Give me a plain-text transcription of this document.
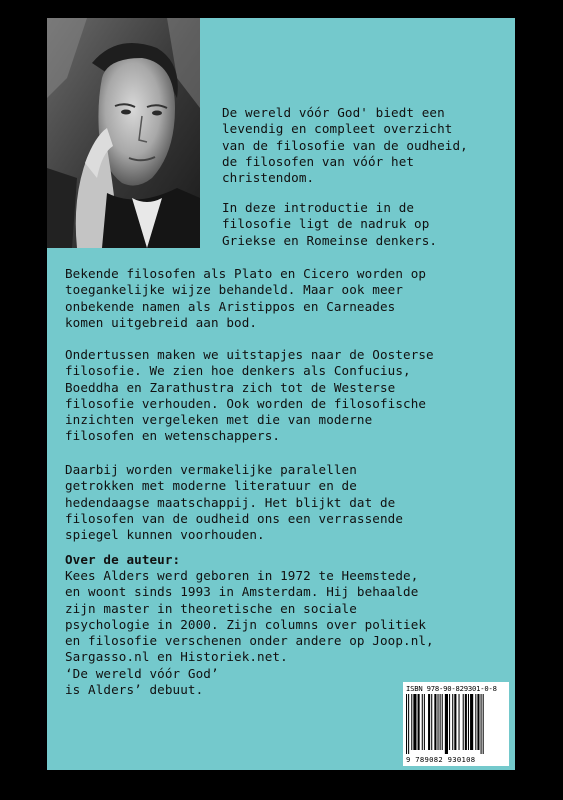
De wereld vóór God' biedt een
levendig en compleet overzicht
van de filosofie van de oudheid,
de filosofen van vóór het
christendom.
In deze introductie in de
filosofie ligt de nadruk op
Griekse en Romeinse denkers.
Bekende filosofen als Plato en Cicero worden op
toegankelijke wijze behandeld. Maar ook meer
onbekende namen als Aristippos en Carneades
komen uitgebreid aan bod.
Ondertussen maken we uitstapjes naar de Oosterse
filosofie. We zien hoe denkers als Confucius,
Boeddha en Zarathustra zich tot de Westerse
filosofie verhouden. Ook worden de filosofische
inzichten vergeleken met die van moderne
filosofen en wetenschappers.
Daarbij worden vermakelijke paralellen
getrokken met moderne literatuur en de
hedendaagse maatschappij. Het blijkt dat de
filosofen van de oudheid ons een verrassende
spiegel kunnen voorhouden.
Over de auteur:
Kees Alders werd geboren in 1972 te Heemstede,
en woont sinds 1993 in Amsterdam. Hij behaalde
zijn master in theoretische en sociale
psychologie in 2000. Zijn columns over politiek
en filosofie verschenen onder andere op Joop.nl,
Sargasso.nl en Historiek.net.
‘De wereld vóór God’
is Alders’ debuut.	ISBN 978-90-829301-0-8
9 789082 930108
